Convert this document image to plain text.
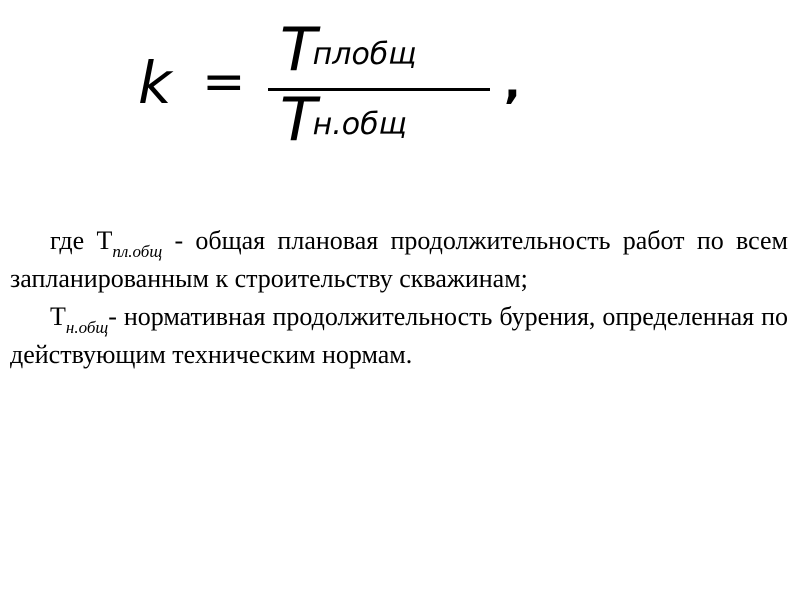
k = Tплобщ
Tн.общ
,

где $Т_{пл.общ}$ - общая плановая продолжительность работ по всем запланированным к строительству скважинам;

$Т_{н.общ}-$ нормативная продолжительность бурения, определенная по действующим техническим нормам.
